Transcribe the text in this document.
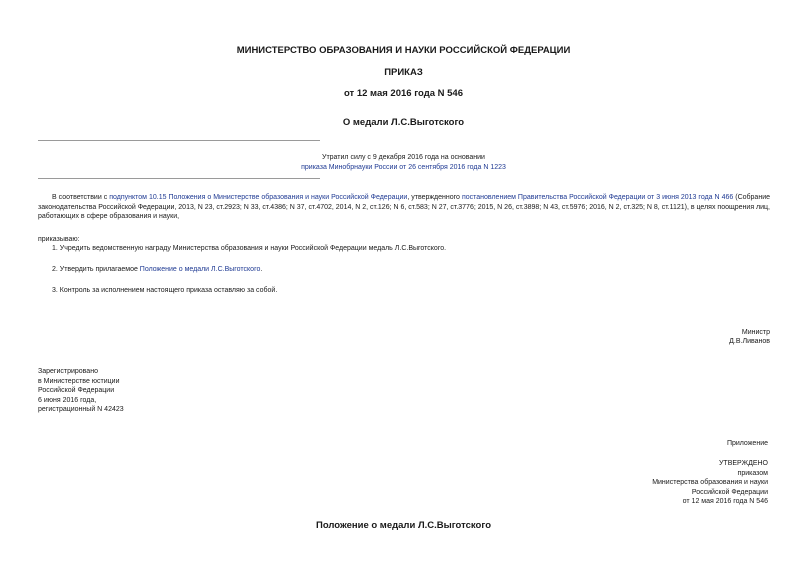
МИНИСТЕРСТВО ОБРАЗОВАНИЯ И НАУКИ РОССИЙСКОЙ ФЕДЕРАЦИИ
ПРИКАЗ
от 12 мая 2016 года N 546
О медали Л.С.Выготского
Утратил силу с 9 декабря 2016 года на основании
приказа Минобрнауки России от 26 сентября 2016 года N 1223
В соответствии с подпунктом 10.15 Положения о Министерстве образования и науки Российской Федерации, утвержденного постановлением Правительства Российской Федерации от 3 июня 2013 года N 466 (Собрание законодательства Российской Федерации, 2013, N 23, ст.2923; N 33, ст.4386; N 37, ст.4702, 2014, N 2, ст.126; N 6, ст.583; N 27, ст.3776; 2015, N 26, ст.3898; N 43, ст.5976; 2016, N 2, ст.325; N 8, ст.1121), в целях поощрения лиц, работающих в сфере образования и науки,
приказываю:
1. Учредить ведомственную награду Министерства образования и науки Российской Федерации медаль Л.С.Выготского.
2. Утвердить прилагаемое Положение о медали Л.С.Выготского.
3. Контроль за исполнением настоящего приказа оставляю за собой.
Министр
Д.В.Ливанов
Зарегистрировано
в Министерстве юстиции
Российской Федерации
6 июня 2016 года,
регистрационный N 42423
Приложение
УТВЕРЖДЕНО
приказом
Министерства образования и науки
Российской Федерации
от 12 мая 2016 года N 546
Положение о медали Л.С.Выготского
